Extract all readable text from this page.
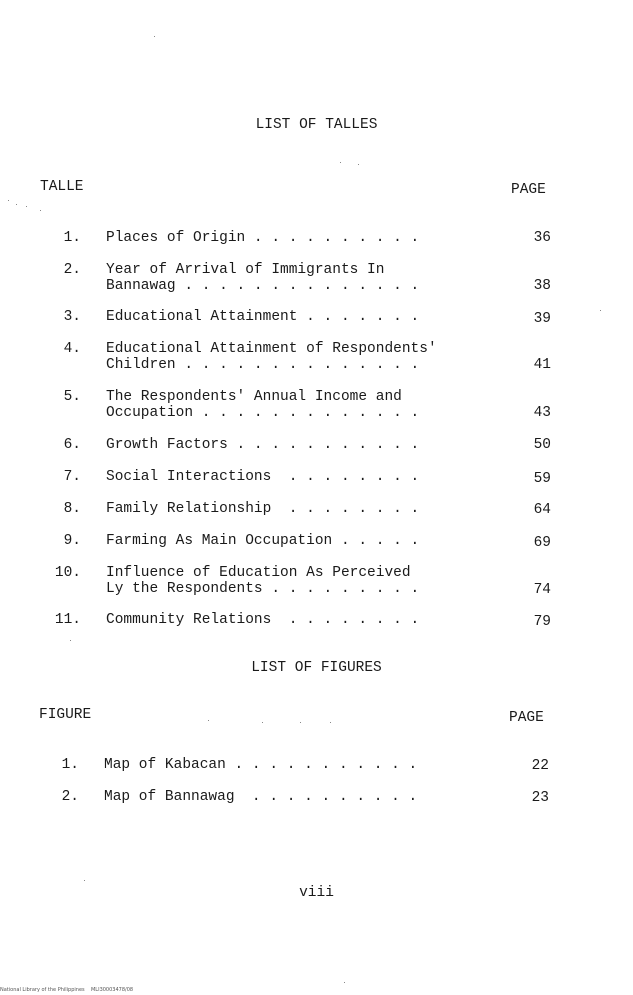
LIST OF TALLES
TALLE	PAGE
1. Places of Origin . . . . . . . . . .	36
2. Year of Arrival of Immigrants In
Bannawag . . . . . . . . . . . . . .	38
3. Educational Attainment . . . . . . .	39
4. Educational Attainment of Respondents'
Children . . . . . . . . . . . . . .	41
5. The Respondents' Annual Income and
Occupation . . . . . . . . . . . . .	43
6. Growth Factors . . . . . . . . . . .	50
7. Social Interactions  . . . . . . . .	59
8. Family Relationship  . . . . . . . .	64
9. Farming As Main Occupation . . . . .	69
10. Influence of Education As Perceived
Ly the Respondents . . . . . . . . .	74
11. Community Relations  . . . . . . . .	79
LIST OF FIGURES
FIGURE	PAGE
1. Map of Kabacan . . . . . . . . . . .	22
2. Map of Bannawag  . . . . . . . . . .	23
viii
National Library of the Philippines    MLI30003478/08
